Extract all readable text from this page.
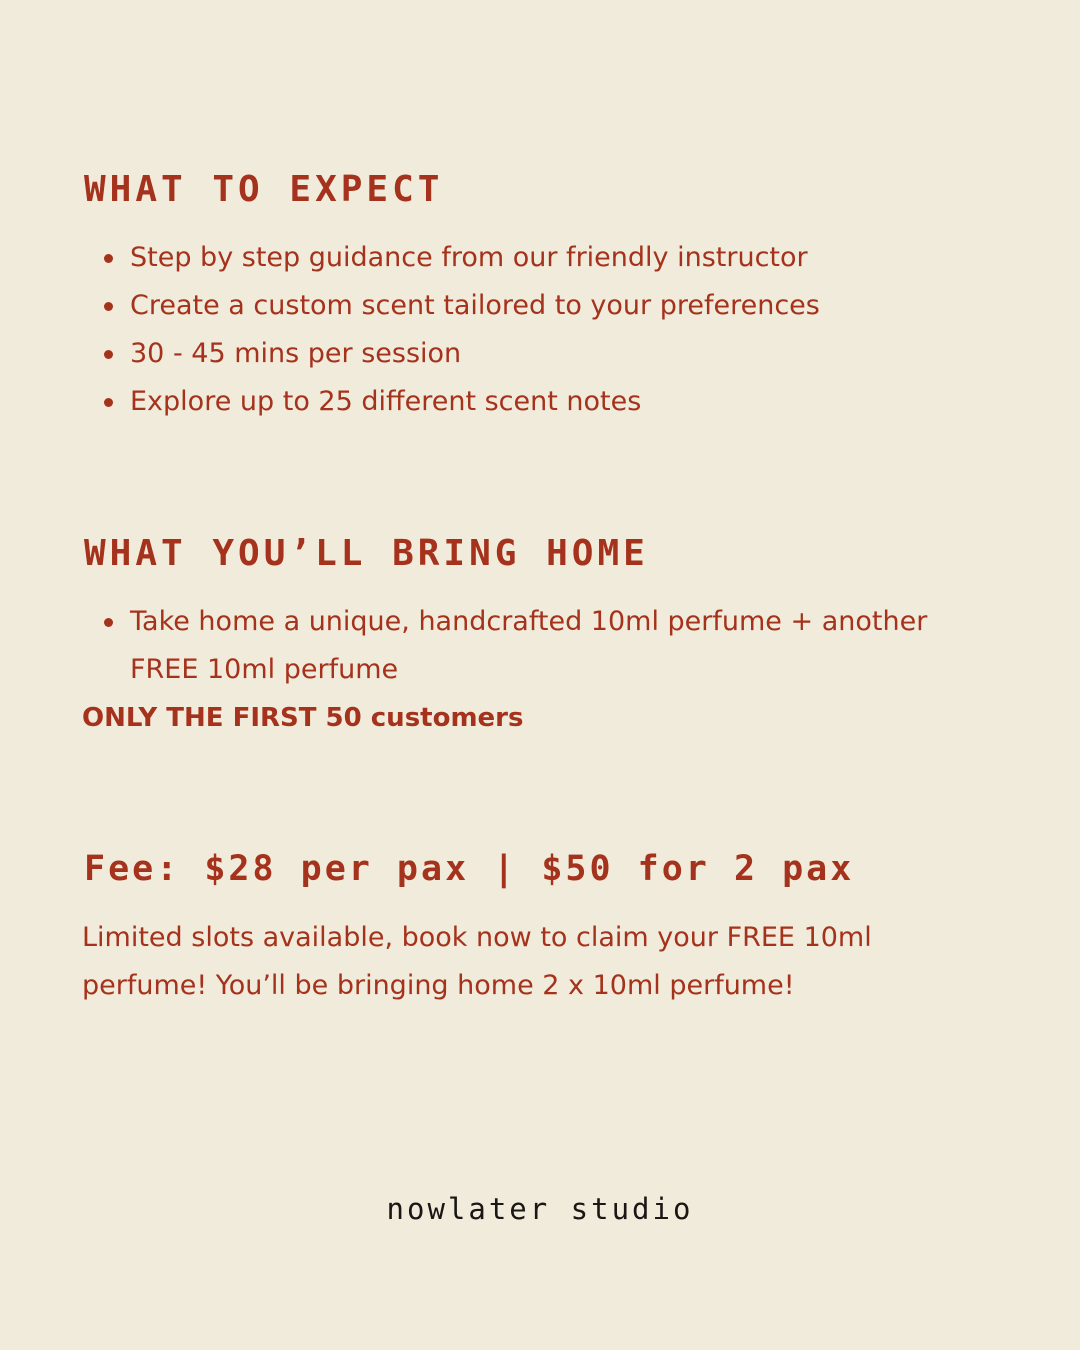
WHAT TO EXPECT
Step by step guidance from our friendly instructor
Create a custom scent tailored to your preferences
30 - 45 mins per session
Explore up to 25 different scent notes
WHAT YOU’LL BRING HOME
Take home a unique, handcrafted 10ml perfume + another FREE 10ml perfume
ONLY THE FIRST 50 customers
Fee: $28 per pax | $50 for 2 pax

Limited slots available, book now to claim your FREE 10ml perfume! You’ll be bringing home 2 x 10ml perfume!

nowlater studio
